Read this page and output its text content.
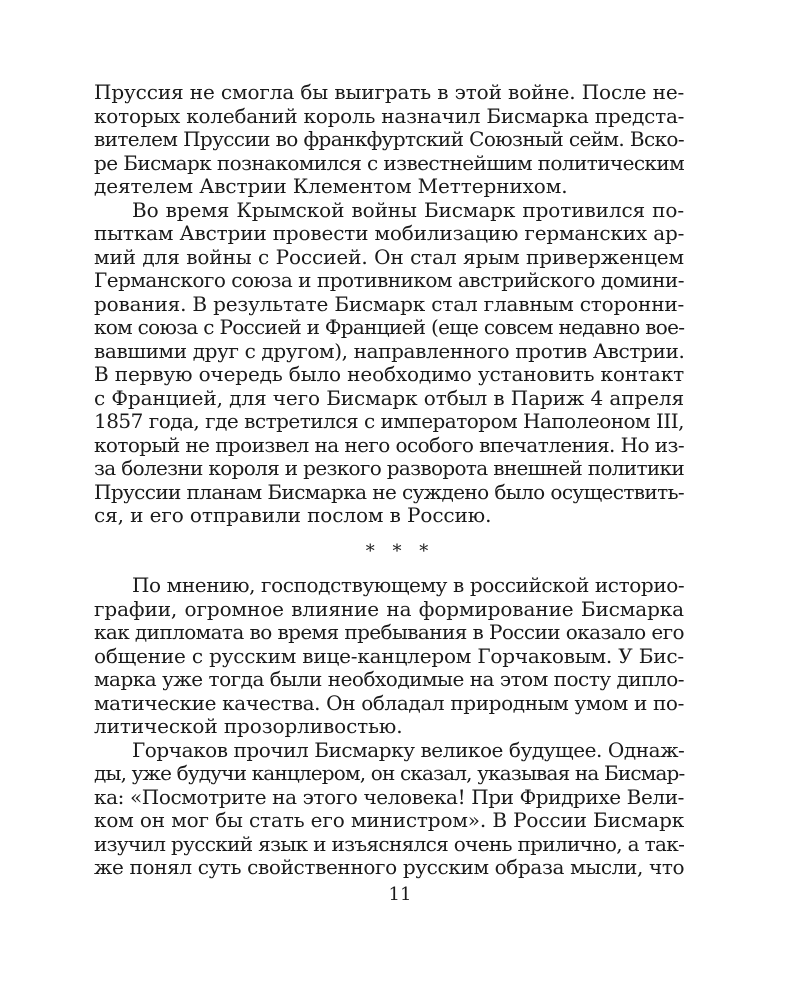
Пруссия не смогла бы выиграть в этой войне. После не-
которых колебаний король назначил Бисмарка предста-
вителем Пруссии во франкфуртский Союзный сейм. Вско-
ре Бисмарк познакомился с известнейшим политическим
деятелем Австрии Клементом Меттернихом.
Во время Крымской войны Бисмарк противился по-
пыткам Австрии провести мобилизацию германских ар-
мий для войны с Россией. Он стал ярым приверженцем
Германского союза и противником австрийского домини-
рования. В результате Бисмарк стал главным сторонни-
ком союза с Россией и Францией (еще совсем недавно вое-
вавшими друг с другом), направленного против Австрии.
В первую очередь было необходимо установить контакт
с Францией, для чего Бисмарк отбыл в Париж 4 апреля
1857 года, где встретился с императором Наполеоном III,
который не произвел на него особого впечатления. Но из-
за болезни короля и резкого разворота внешней политики
Пруссии планам Бисмарка не суждено было осуществить-
ся, и его отправили послом в Россию.
* * *
По мнению, господствующему в российской историо-
графии, огромное влияние на формирование Бисмарка
как дипломата во время пребывания в России оказало его
общение с русским вице-канцлером Горчаковым. У Бис-
марка уже тогда были необходимые на этом посту дипло-
матические качества. Он обладал природным умом и по-
литической прозорливостью.
Горчаков прочил Бисмарку великое будущее. Однаж-
ды, уже будучи канцлером, он сказал, указывая на Бисмар-
ка: «Посмотрите на этого человека! При Фридрихе Вели-
ком он мог бы стать его министром». В России Бисмарк
изучил русский язык и изъяснялся очень прилично, а так-
же понял суть свойственного русским образа мысли, что
11
